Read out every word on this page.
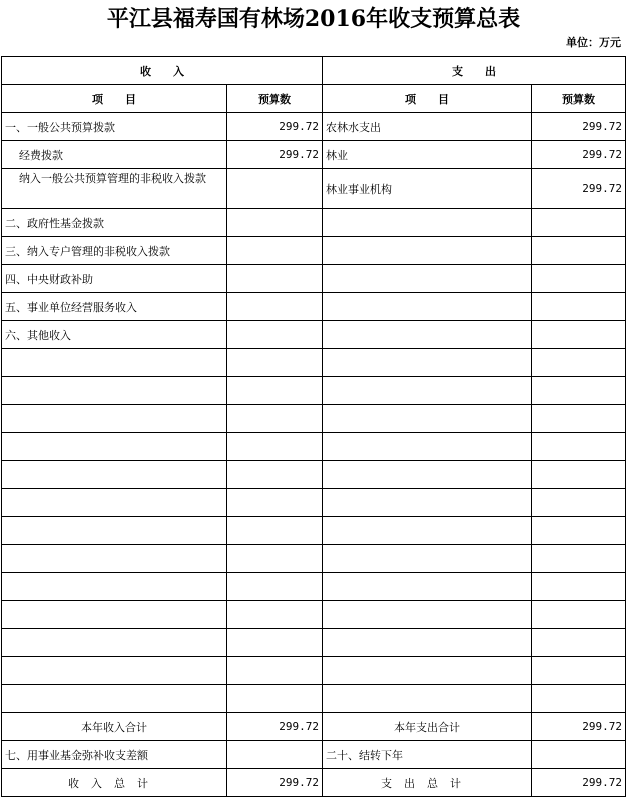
平江县福寿国有林场2016年收支预算总表
单位：万元
收　　入		支　　出	
项　　目	预算数	项　　目	预算数
一、一般公共预算拨款	299.72	农林水支出	299.72
经费拨款	299.72	林业	299.72
纳入一般公共预算管理的非税收入拨款		林业事业机构	299.72
二、政府性基金拨款			
三、纳入专户管理的非税收入拨款			
四、中央财政补助			
五、事业单位经营服务收入			
六、其他收入			

本年收入合计	299.72	本年支出合计	299.72
七、用事业基金弥补收支差额		二十、结转下年	
收入总计	299.72	支出总计	299.72
